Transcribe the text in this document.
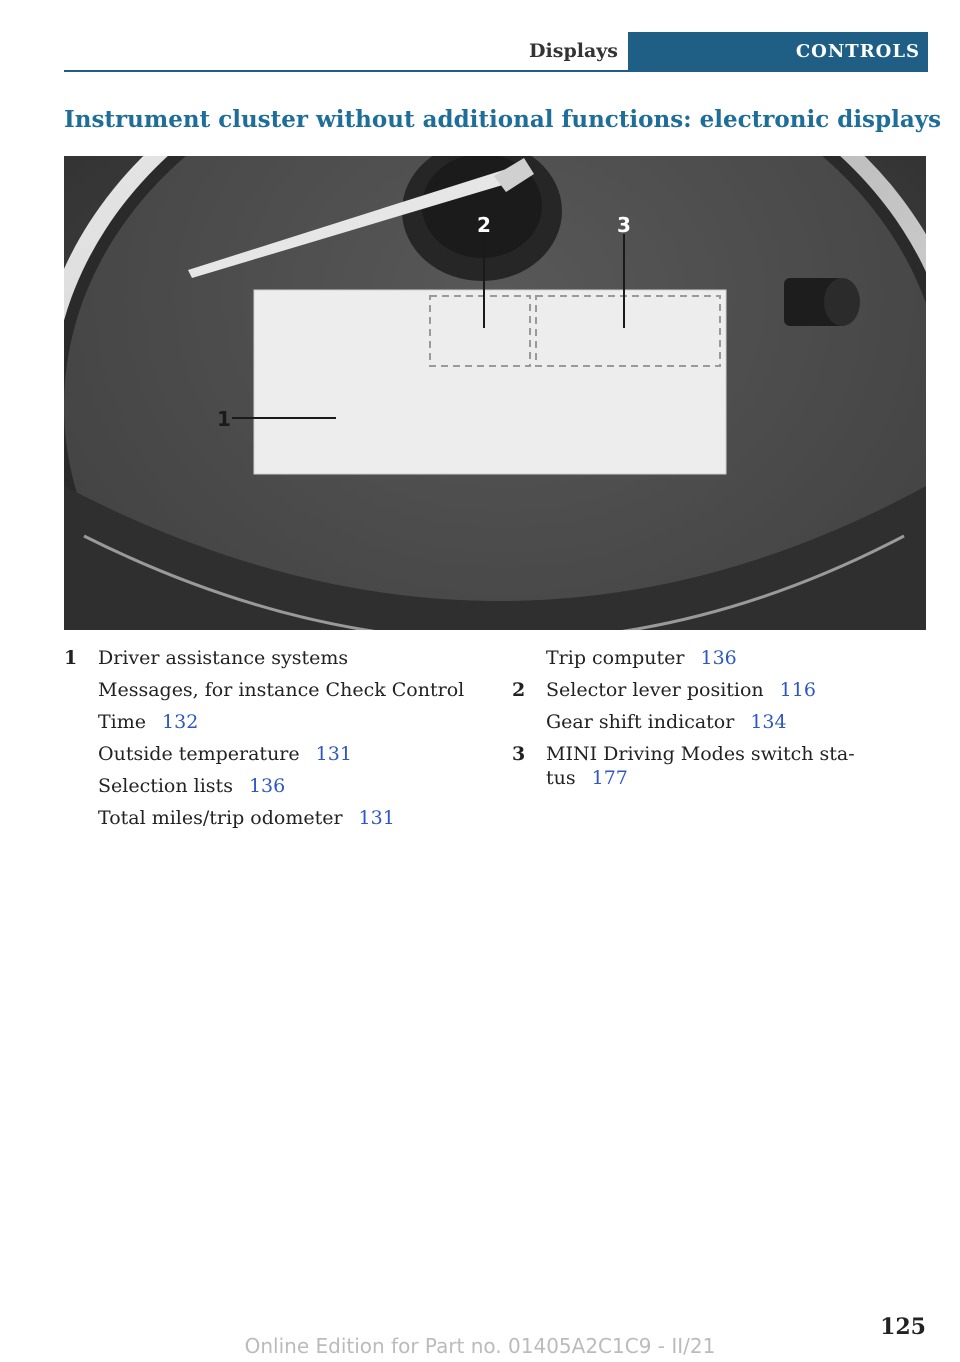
Displays	CONTROLS
Instrument cluster without additional functions: electronic displays
2	3
1
1	Driver assistance systems
Messages, for instance Check Control
Time 132
Outside temperature 131
Selection lists 136
Total miles/trip odometer 131
Trip computer 136
2	Selector lever position 116
Gear shift indicator 134
3	MINI Driving Modes switch sta-
tus 177
125
Online Edition for Part no. 01405A2C1C9 - II/21
